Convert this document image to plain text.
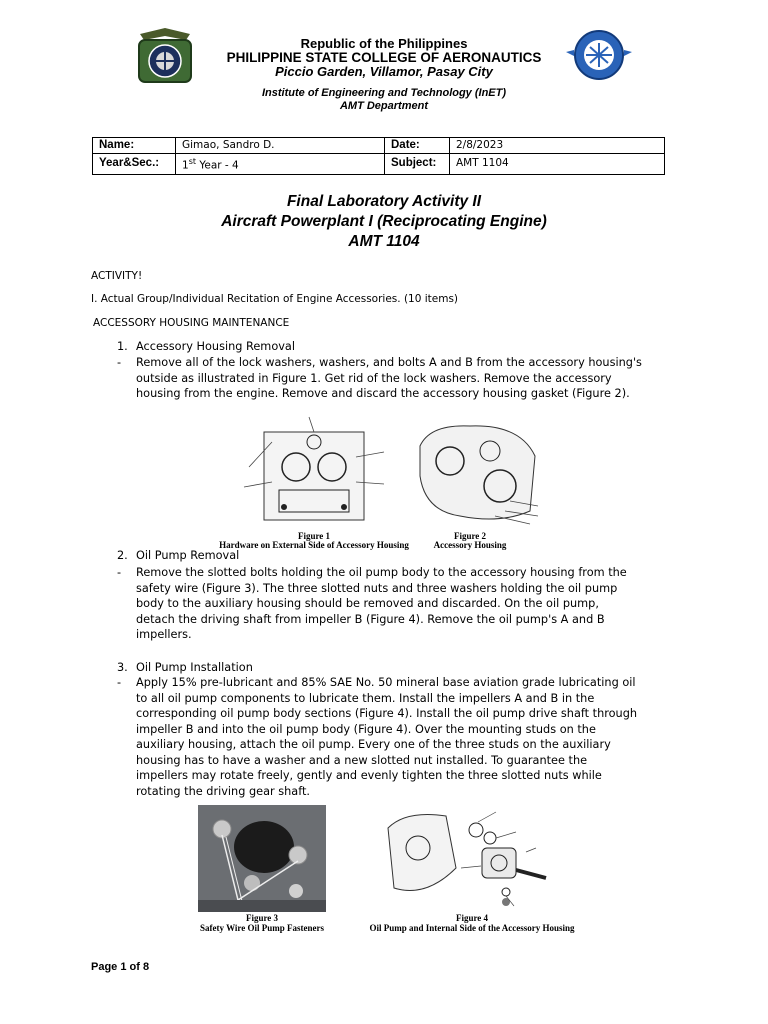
Republic of the Philippines
PHILIPPINE STATE COLLEGE OF AERONAUTICS
Piccio Garden, Villamor, Pasay City
Institute of Engineering and Technology (InET)
AMT Department
Name:	Gimao, Sandro D.	Date:	2/8/2023
Year&Sec.:	1st Year - 4	Subject:	AMT 1104
Final Laboratory Activity II
Aircraft Powerplant I (Reciprocating Engine)
AMT 1104
ACTIVITY!
I. Actual Group/Individual Recitation of Engine Accessories. (10 items)
ACCESSORY HOUSING MAINTENANCE
1. Accessory Housing Removal
- Remove all of the lock washers, washers, and bolts A and B from the accessory housing's
outside as illustrated in Figure 1. Get rid of the lock washers. Remove the accessory
housing from the engine. Remove and discard the accessory housing gasket (Figure 2).
Figure 1
Hardware on External Side of Accessory Housing
Figure 2
Accessory Housing
2. Oil Pump Removal
- Remove the slotted bolts holding the oil pump body to the accessory housing from the
safety wire (Figure 3). The three slotted nuts and three washers holding the oil pump
body to the auxiliary housing should be removed and discarded. On the oil pump,
detach the driving shaft from impeller B (Figure 4). Remove the oil pump's A and B
impellers.
3. Oil Pump Installation
- Apply 15% pre-lubricant and 85% SAE No. 50 mineral base aviation grade lubricating oil
to all oil pump components to lubricate them. Install the impellers A and B in the
corresponding oil pump body sections (Figure 4). Install the oil pump drive shaft through
impeller B and into the oil pump body (Figure 4). Over the mounting studs on the
auxiliary housing, attach the oil pump. Every one of the three studs on the auxiliary
housing has to have a washer and a new slotted nut installed. To guarantee the
impellers may rotate freely, gently and evenly tighten the three slotted nuts while
rotating the driving gear shaft.
Figure 3
Safety Wire Oil Pump Fasteners
Figure 4
Oil Pump and Internal Side of the Accessory Housing
Page 1 of 8
